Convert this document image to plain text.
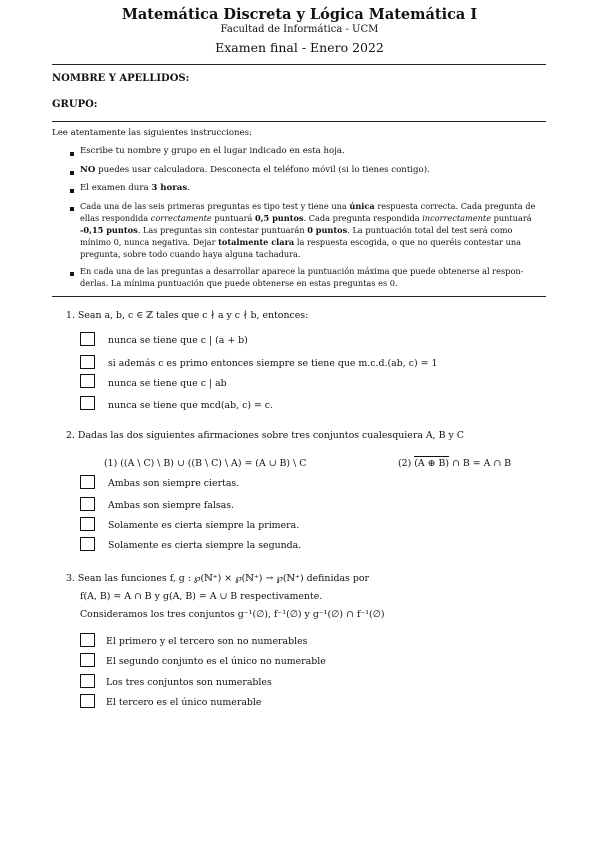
Matemática Discreta y Lógica Matemática I
Facultad de Informática - UCM
Examen final - Enero 2022
NOMBRE Y APELLIDOS:
GRUPO:
Lee atentamente las siguientes instrucciones:
Escribe tu nombre y grupo en el lugar indicado en esta hoja.
NO puedes usar calculadora. Desconecta el teléfono móvil (si lo tienes contigo).
El examen dura 3 horas.
Cada una de las seis primeras preguntas es tipo test y tiene una única respuesta correcta. Cada pregunta de
ellas respondida correctamente puntuará 0,5 puntos. Cada pregunta respondida incorrectamente puntuará
-0,15 puntos. Las preguntas sin contestar puntuarán 0 puntos. La puntuación total del test será como
mínimo 0, nunca negativa. Dejar totalmente clara la respuesta escogida, o que no queréis contestar una
pregunta, sobre todo cuando haya alguna tachadura.
En cada una de las preguntas a desarrollar aparece la puntuación máxima que puede obtenerse al respon-
derlas. La mínima puntuación que puede obtenerse en estas preguntas es 0.
1. Sean a, b, c ∈ ℤ tales que c ∤ a y c ∤ b, entonces:
nunca se tiene que c | (a + b)
si además c es primo entonces siempre se tiene que m.c.d.(ab, c) = 1
nunca se tiene que c | ab
nunca se tiene que mcd(ab, c) = c.
2. Dadas las dos siguientes afirmaciones sobre tres conjuntos cualesquiera A, B y C
(1) ((A \ C) \ B) ∪ ((B \ C) \ A) = (A ∪ B) \ C	(2) (A ⊕ B) ∩ B = A ∩ B
Ambas son siempre ciertas.
Ambas son siempre falsas.
Solamente es cierta siempre la primera.
Solamente es cierta siempre la segunda.
3. Sean las funciones f, g : ℘(ℕ⁺) × ℘(ℕ⁺) → ℘(ℕ⁺) definidas por
f(A, B) = A ∩ B y g(A, B) = A ∪ B respectivamente.
Consideramos los tres conjuntos g⁻¹(∅), f⁻¹(∅) y g⁻¹(∅) ∩ f⁻¹(∅)
El primero y el tercero son no numerables
El segundo conjunto es el único no numerable
Los tres conjuntos son numerables
El tercero es el único numerable
